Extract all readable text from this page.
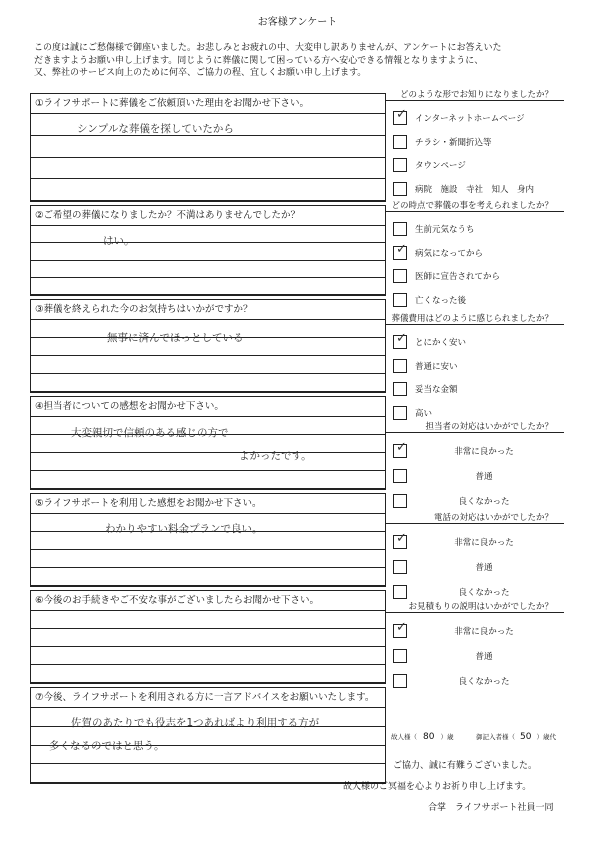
お客様アンケート
この度は誠にご愁傷様で御座いました。お悲しみとお疲れの中、大変申し訳ありませんが、アンケートにお答えいた
だきますようお願い申し上げます。同じように葬儀に関して困っている方へ安心できる情報となりますように、
又、弊社のサービス向上のために何卒、ご協力の程、宜しくお願い申し上げます。
①ライフサポートに葬儀をご依頼頂いた理由をお聞かせ下さい。
シンプルな葬儀を探していたから
②ご希望の葬儀になりましたか？不満はありませんでしたか？
はい。
③葬儀を終えられた今のお気持ちはいかがですか？
無事に済んでほっとしている
④担当者についての感想をお聞かせ下さい。
大変親切で信頼のある感じの方で
よかったです。
⑤ライフサポートを利用した感想をお聞かせ下さい。
わかりやすい料金プランで良い。
⑥今後のお手続きやご不安な事がございましたらお聞かせ下さい。
⑦今後、ライフサポートを利用される方に一言アドバイスをお願いいたします。
佐賀のあたりでも役志を1つあればより利用する方が
多くなるのではと思う。
どのような形でお知りになりましたか？
✓ インターネットホームページ
チラシ・新聞折込等
タウンページ
病院　施設　寺社　知人　身内
どの時点で葬儀の事を考えられましたか？
生前元気なうち
✓ 病気になってから
医師に宣告されてから
亡くなった後
葬儀費用はどのように感じられましたか？
✓ とにかく安い
普通に安い
妥当な金額
高い
担当者の対応はいかがでしたか？
✓	非常に良かった
普通
良くなかった
電話の対応はいかがでしたか？
✓	非常に良かった
普通
良くなかった
お見積もりの説明はいかがでしたか？
✓	非常に良かった
普通
良くなかった
故人様（ 80 ）歳	御記入者様（ 50 ）歳代
ご協力、誠に有難うございました。
故人様のご冥福を心よりお祈り申し上げます。
合掌　ライフサポート社員一同
